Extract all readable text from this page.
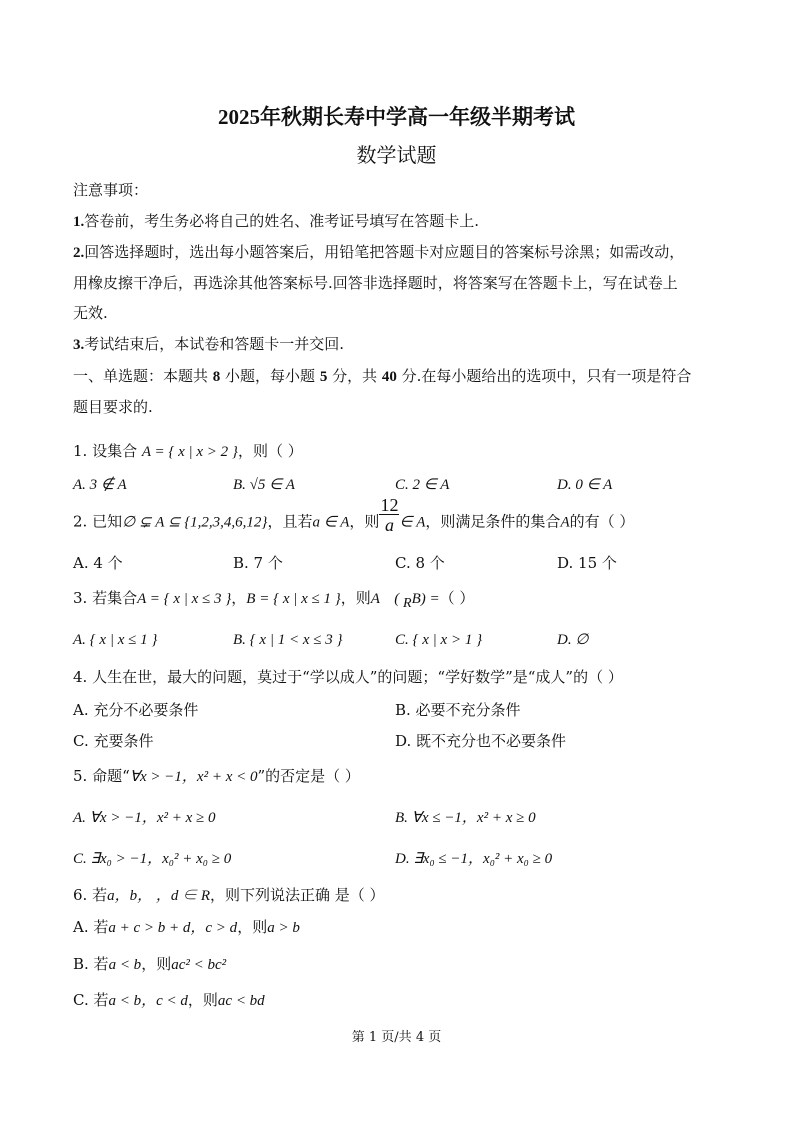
2025年秋期长寿中学高一年级半期考试
数学试题
注意事项：
1.答卷前，考生务必将自己的姓名、准考证号填写在答题卡上.
2.回答选择题时，选出每小题答案后，用铅笔把答题卡对应题目的答案标号涂黑；如需改动，
用橡皮擦干净后，再选涂其他答案标号.回答非选择题时，将答案写在答题卡上，写在试卷上
无效.
3.考试结束后，本试卷和答题卡一并交回.
一、单选题：本题共 8 小题，每小题 5 分，共 40 分.在每小题给出的选项中，只有一项是符合
题目要求的.
1. 设集合 A = { x | x > 2 }，则（ ）
A. 3 ∉ A	B. √5 ∈ A	C. 2 ∈ A	D. 0 ∈ A
2. 已知∅ ⊊ A ⊆ {1,2,3,4,6,12}，且若a ∈ A，则 $\frac{12}{a}$ ∈ A，则满足条件的集合A的有（ ）
A. 4 个	B. 7 个	C. 8 个	D. 15 个
3. 若集合A = { x | x ≤ 3 }，B = { x | x ≤ 1 }，则A ( $_R$B) =（ ）
A. { x | x ≤ 1 }	B. { x | 1 < x ≤ 3 }	C. { x | x > 1 }	D. ∅
4. 人生在世，最大的问题，莫过于“学以成人”的问题；“学好数学”是“成人”的（ ）
A. 充分不必要条件	B. 必要不充分条件
C. 充要条件	D. 既不充分也不必要条件
5. 命题“∀x > −1，x² + x < 0”的否定是（ ）
A. ∀x > −1，x² + x ≥ 0	B. ∀x ≤ −1，x² + x ≥ 0
C. ∃x₀ > −1，x₀² + x₀ ≥ 0	D. ∃x₀ ≤ −1，x₀² + x₀ ≥ 0
6. 若a，b， ，d ∈ R，则下列说法正确 是（ ）
A. 若a + c > b + d，c > d，则a > b
B. 若a < b，则ac² < bc²
C. 若a < b，c < d，则ac < bd
第 1 页/共 4 页
